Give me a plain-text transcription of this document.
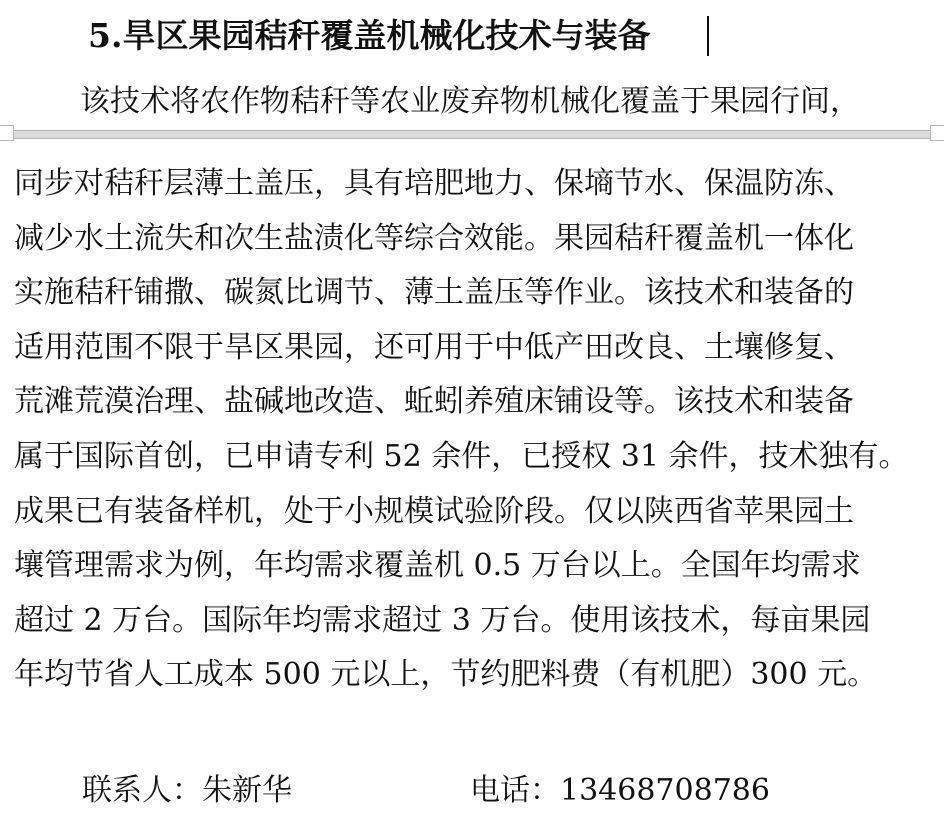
5.旱区果园秸秆覆盖机械化技术与装备
该技术将农作物秸秆等农业废弃物机械化覆盖于果园行间，
同步对秸秆层薄土盖压，具有培肥地力、保墒节水、保温防冻、
减少水土流失和次生盐渍化等综合效能。果园秸秆覆盖机一体化
实施秸秆铺撒、碳氮比调节、薄土盖压等作业。该技术和装备的
适用范围不限于旱区果园，还可用于中低产田改良、土壤修复、
荒滩荒漠治理、盐碱地改造、蚯蚓养殖床铺设等。该技术和装备
属于国际首创，已申请专利 52 余件，已授权 31 余件，技术独有。
成果已有装备样机，处于小规模试验阶段。仅以陕西省苹果园土
壤管理需求为例，年均需求覆盖机 0.5 万台以上。全国年均需求
超过 2 万台。国际年均需求超过 3 万台。使用该技术，每亩果园
年均节省人工成本 500 元以上，节约肥料费（有机肥）300 元。
联系人：朱新华	电话：13468708786
